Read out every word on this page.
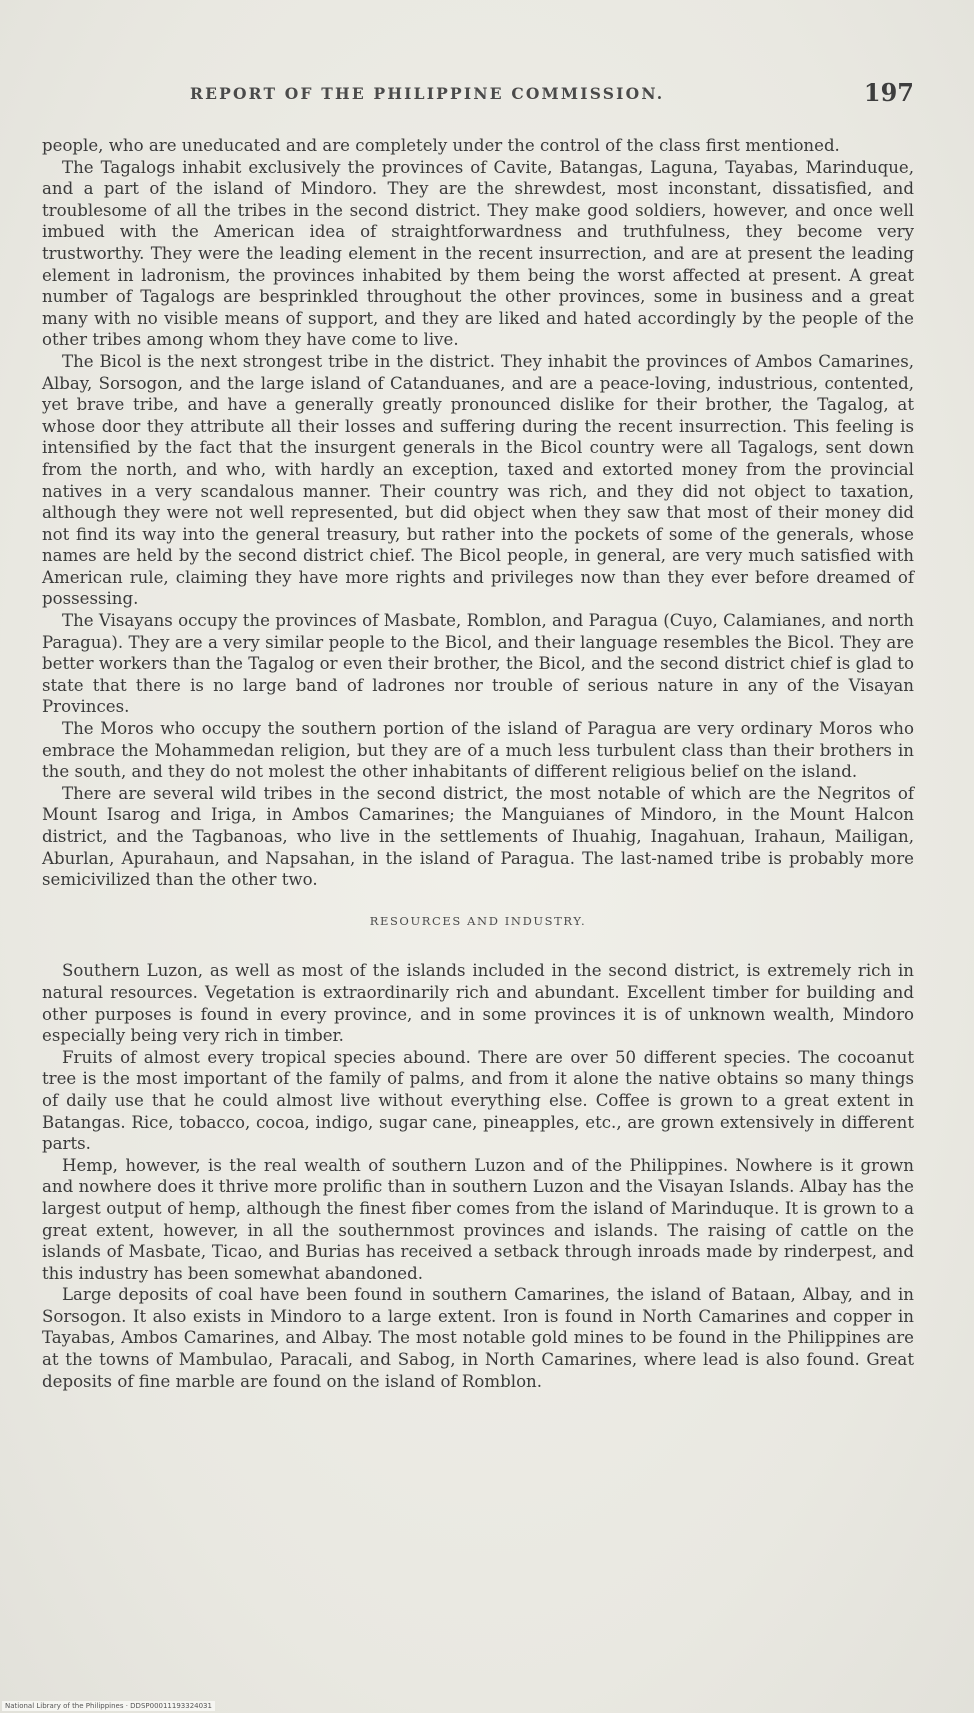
REPORT OF THE PHILIPPINE COMMISSION.	197

people, who are uneducated and are completely under the control of the class first mentioned.

The Tagalogs inhabit exclusively the provinces of Cavite, Batangas, Laguna, Tayabas, Marinduque, and a part of the island of Mindoro. They are the shrewdest, most inconstant, dissatisfied, and troublesome of all the tribes in the second district. They make good soldiers, however, and once well imbued with the American idea of straightforwardness and truthfulness, they become very trustworthy. They were the leading element in the recent insurrection, and are at present the leading element in ladronism, the provinces inhabited by them being the worst affected at present. A great number of Tagalogs are besprinkled throughout the other provinces, some in business and a great many with no visible means of support, and they are liked and hated accordingly by the people of the other tribes among whom they have come to live.

The Bicol is the next strongest tribe in the district. They inhabit the provinces of Ambos Camarines, Albay, Sorsogon, and the large island of Catanduanes, and are a peace-loving, industrious, contented, yet brave tribe, and have a generally greatly pronounced dislike for their brother, the Tagalog, at whose door they attribute all their losses and suffering during the recent insurrection. This feeling is intensified by the fact that the insurgent generals in the Bicol country were all Tagalogs, sent down from the north, and who, with hardly an exception, taxed and extorted money from the provincial natives in a very scandalous manner. Their country was rich, and they did not object to taxation, although they were not well represented, but did object when they saw that most of their money did not find its way into the general treasury, but rather into the pockets of some of the generals, whose names are held by the second district chief. The Bicol people, in general, are very much satisfied with American rule, claiming they have more rights and privileges now than they ever before dreamed of possessing.

The Visayans occupy the provinces of Masbate, Romblon, and Paragua (Cuyo, Calamianes, and north Paragua). They are a very similar people to the Bicol, and their language resembles the Bicol. They are better workers than the Tagalog or even their brother, the Bicol, and the second district chief is glad to state that there is no large band of ladrones nor trouble of serious nature in any of the Visayan Provinces.

The Moros who occupy the southern portion of the island of Paragua are very ordinary Moros who embrace the Mohammedan religion, but they are of a much less turbulent class than their brothers in the south, and they do not molest the other inhabitants of different religious belief on the island.

There are several wild tribes in the second district, the most notable of which are the Negritos of Mount Isarog and Iriga, in Ambos Camarines; the Manguianes of Mindoro, in the Mount Halcon district, and the Tagbanoas, who live in the settlements of Ihuahig, Inagahuan, Irahaun, Mailigan, Aburlan, Apurahaun, and Napsahan, in the island of Paragua. The last-named tribe is probably more semicivilized than the other two.

RESOURCES AND INDUSTRY.

Southern Luzon, as well as most of the islands included in the second district, is extremely rich in natural resources. Vegetation is extraordinarily rich and abundant. Excellent timber for building and other purposes is found in every province, and in some provinces it is of unknown wealth, Mindoro especially being very rich in timber.

Fruits of almost every tropical species abound. There are over 50 different species. The cocoanut tree is the most important of the family of palms, and from it alone the native obtains so many things of daily use that he could almost live without everything else. Coffee is grown to a great extent in Batangas. Rice, tobacco, cocoa, indigo, sugar cane, pineapples, etc., are grown extensively in different parts.

Hemp, however, is the real wealth of southern Luzon and of the Philippines. Nowhere is it grown and nowhere does it thrive more prolific than in southern Luzon and the Visayan Islands. Albay has the largest output of hemp, although the finest fiber comes from the island of Marinduque. It is grown to a great extent, however, in all the southernmost provinces and islands. The raising of cattle on the islands of Masbate, Ticao, and Burias has received a setback through inroads made by rinderpest, and this industry has been somewhat abandoned.

Large deposits of coal have been found in southern Camarines, the island of Bataan, Albay, and in Sorsogon. It also exists in Mindoro to a large extent. Iron is found in North Camarines and copper in Tayabas, Ambos Camarines, and Albay. The most notable gold mines to be found in the Philippines are at the towns of Mambulao, Paracali, and Sabog, in North Camarines, where lead is also found. Great deposits of fine marble are found on the island of Romblon.

National Library of the Philippines · DDSP00011193324031
